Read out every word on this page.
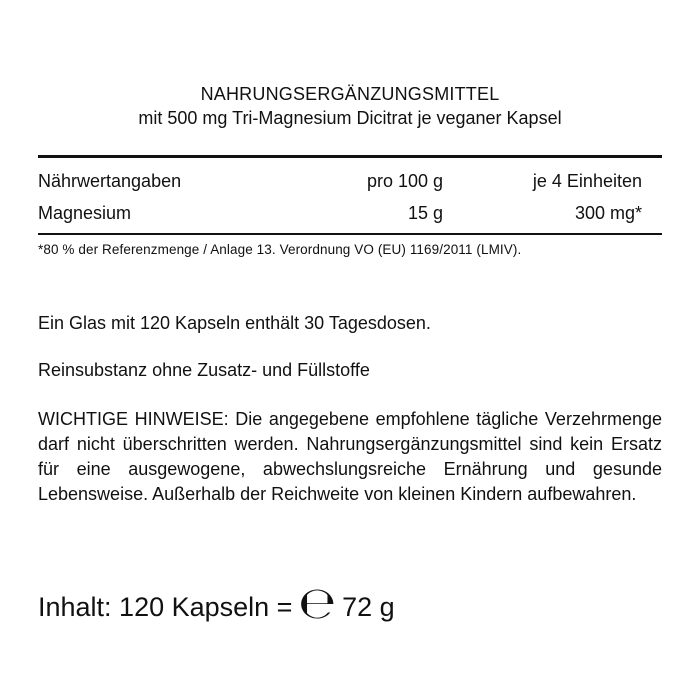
NAHRUNGSERGÄNZUNGSMITTEL
mit 500 mg Tri-Magnesium Dicitrat je veganer Kapsel
Nährwertangaben	pro 100 g	je 4 Einheiten
Magnesium	15 g	300 mg*
*80 % der Referenzmenge / Anlage 13. Verordnung VO (EU) 1169/2011 (LMIV).
Ein Glas mit 120 Kapseln enthält 30 Tagesdosen.
Reinsubstanz ohne Zusatz- und Füllstoffe
WICHTIGE HINWEISE: Die angegebene empfohlene tägliche Verzehrmenge darf nicht überschritten werden. Nahrungsergänzungsmittel sind kein Ersatz für eine ausgewogene, abwechslungsreiche Ernährung und gesunde Lebensweise. Außerhalb der Reichweite von kleinen Kindern aufbewahren.
Inhalt: 120 Kapseln = ℮ 72 g
